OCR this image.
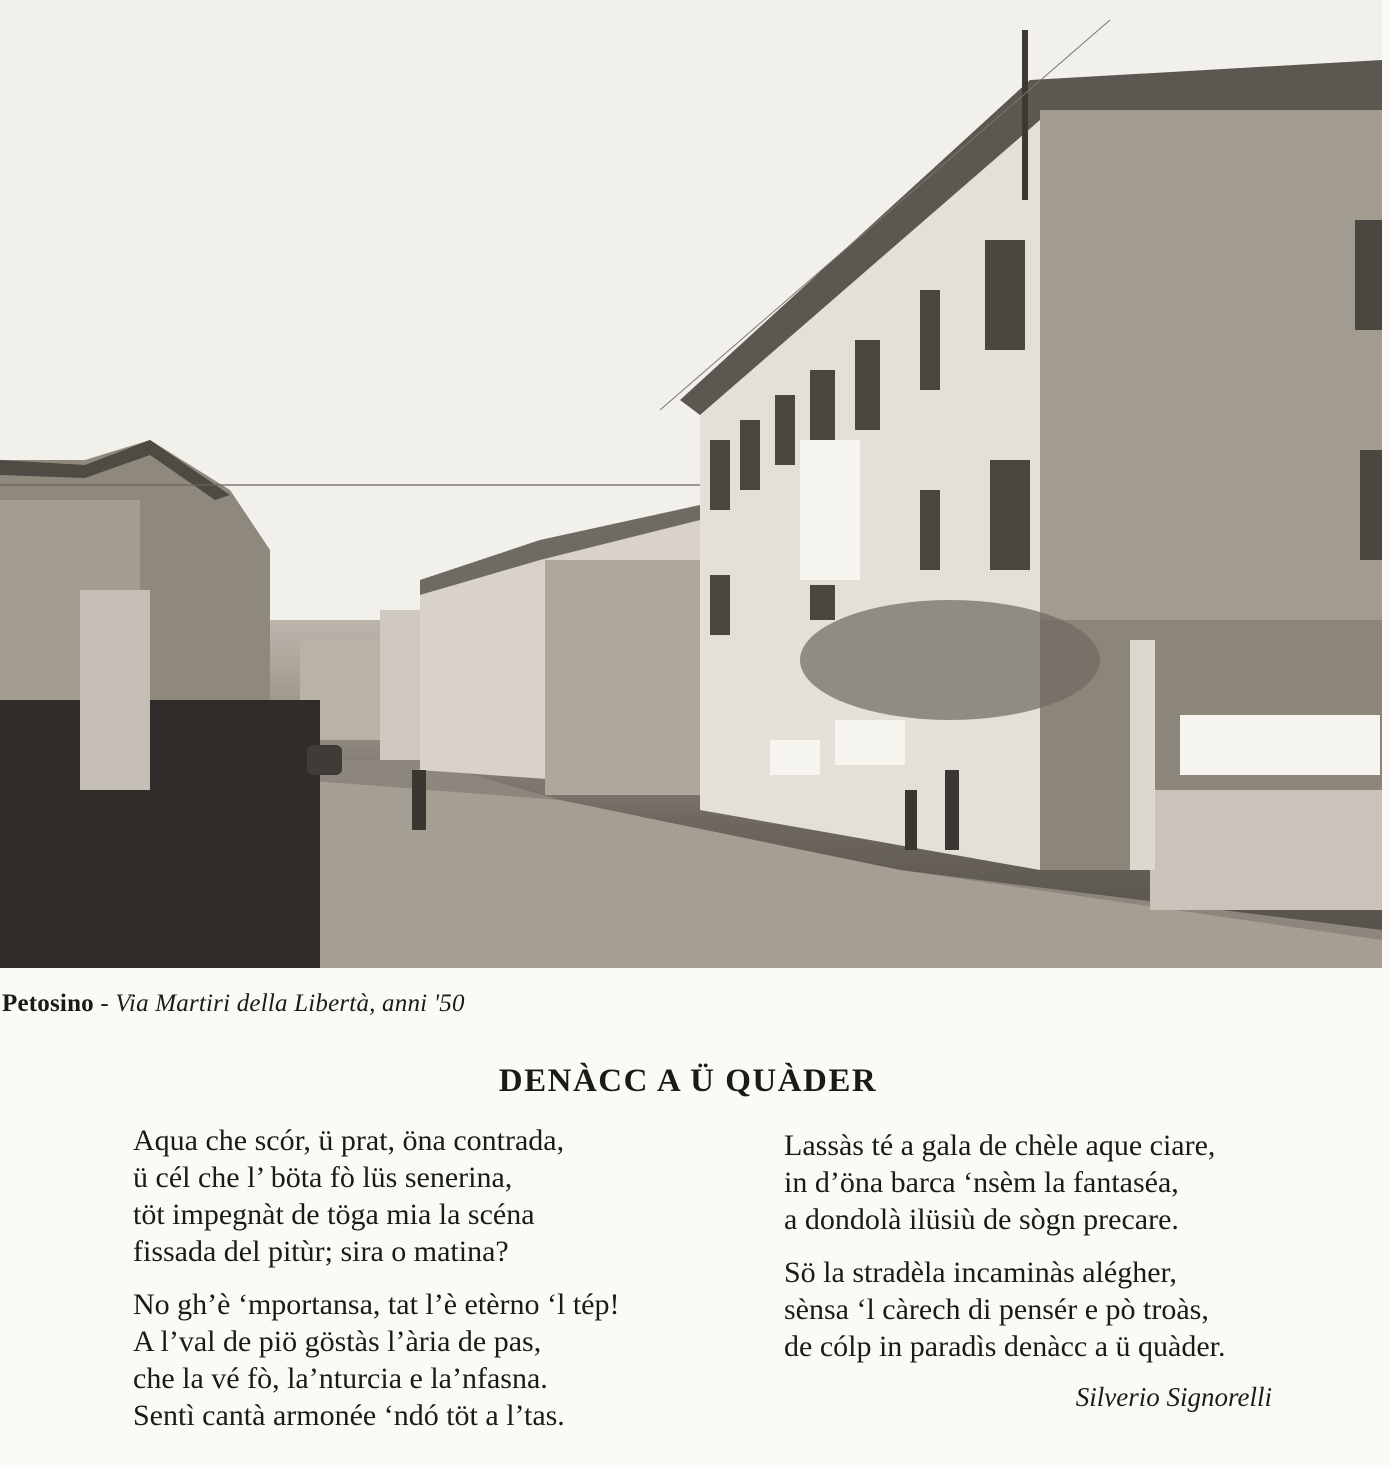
Petosino - Via Martiri della Libertà, anni '50
DENÀCC A Ü QUÀDER
Aqua che scór, ü prat, öna contrada,
ü cél che l’ böta fò lüs senerina,
töt impegnàt de töga mia la scéna
fissada del pitùr; sira o matina?
No gh’è ‘mportansa, tat l’è etèrno ‘l tép!
A l’val de piö göstàs l’ària de pas,
che la vé fò, la’nturcia e la’nfasna.
Sentì cantà armonée ‘ndó töt a l’tas.
Lassàs té a gala de chèle aque ciare,
in d’öna barca ‘nsèm la fantaséa,
a dondolà ilüsiù de sògn precare.
Sö la stradèla incaminàs alégher,
sènsa ‘l càrech di pensér e pò troàs,
de cólp in paradìs denàcc a ü quàder.
Silverio Signorelli
